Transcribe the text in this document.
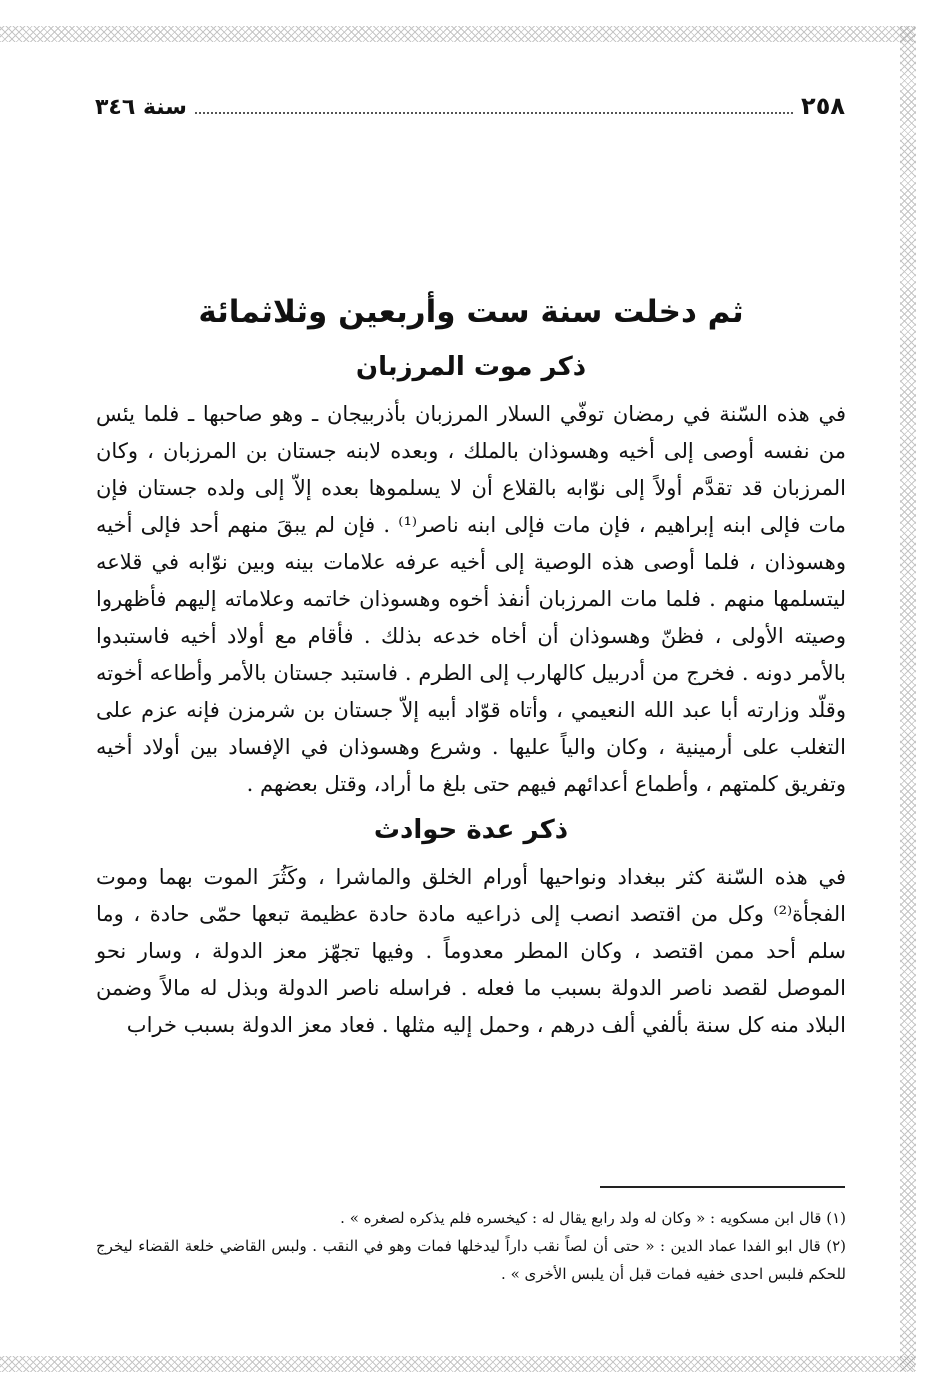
٢٥٨
سنة ٣٤٦
ثم دخلت سنة ست وأربعين وثلاثمائة
ذكر موت المرزبان

في هذه السّنة في رمضان توفّي السلار المرزبان بأذربيجان ـ وهو صاحبها ـ فلما يئس من نفسه أوصى إلى أخيه وهسوذان بالملك ، وبعده لابنه جستان بن المرزبان ، وكان المرزبان قد تقدَّم أولاً إلى نوّابه بالقلاع أن لا يسلموها بعده إلاّ إلى ولده جستان فإن مات فإلى ابنه إبراهيم ، فإن مات فإلى ابنه ناصر⁽¹⁾ . فإن لم يبقَ منهم أحد فإلى أخيه وهسوذان ، فلما أوصى هذه الوصية إلى أخيه عرفه علامات بينه وبين نوّابه في قلاعه ليتسلمها منهم . فلما مات المرزبان أنفذ أخوه وهسوذان خاتمه وعلاماته إليهم فأظهروا وصيته الأولى ، فظنّ وهسوذان أن أخاه خدعه بذلك . فأقام مع أولاد أخيه فاستبدوا بالأمر دونه . فخرج من أدربيل كالهارب إلى الطرم . فاستبد جستان بالأمر وأطاعه أخوته وقلّد وزارته أبا عبد الله النعيمي ، وأتاه قوّاد أبيه إلاّ جستان بن شرمزن فإنه عزم على التغلب على أرمينية ، وكان والياً عليها . وشرع وهسوذان في الإفساد بين أولاد أخيه وتفريق كلمتهم ، وأطماع أعدائهم فيهم حتى بلغ ما أراد، وقتل بعضهم .

ذكر عدة حوادث

في هذه السّنة كثر ببغداد ونواحيها أورام الخلق والماشرا ، وكَثُرَ الموت بهما وموت الفجأة⁽²⁾ وكل من اقتصد انصب إلى ذراعيه مادة حادة عظيمة تبعها حمّى حادة ، وما سلم أحد ممن اقتصد ، وكان المطر معدوماً . وفيها تجهّز معز الدولة ، وسار نحو الموصل لقصد ناصر الدولة بسبب ما فعله . فراسله ناصر الدولة وبذل له مالاً وضمن البلاد منه كل سنة بألفي ألف درهم ، وحمل إليه مثلها . فعاد معز الدولة بسبب خراب

(١) قال ابن مسكويه : « وكان له ولد رابع يقال له : كيخسره فلم يذكره لصغره » .

(٢) قال ابو الفدا عماد الدين : « حتى أن لصاً نقب داراً ليدخلها فمات وهو في النقب . ولبس القاضي خلعة القضاء ليخرج للحكم فلبس احدى خفيه فمات قبل أن يلبس الأخرى » .
